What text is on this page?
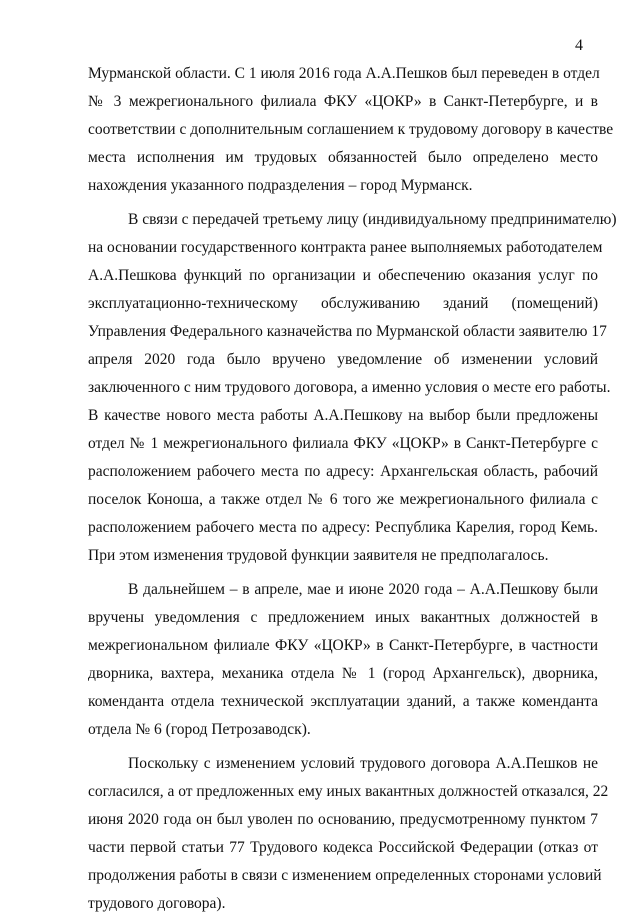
4
Мурманской области. С 1 июля 2016 года А.А.Пешков был переведен в отдел
№ 3 межрегионального филиала ФКУ «ЦОКР» в Санкт-Петербурге, и в
соответствии с дополнительным соглашением к трудовому договору в качестве
места исполнения им трудовых обязанностей было определено место
нахождения указанного подразделения – город Мурманск.
В связи с передачей третьему лицу (индивидуальному предпринимателю)
на основании государственного контракта ранее выполняемых работодателем
А.А.Пешкова функций по организации и обеспечению оказания услуг по
эксплуатационно-техническому обслуживанию зданий (помещений)
Управления Федерального казначейства по Мурманской области заявителю 17
апреля 2020 года было вручено уведомление об изменении условий
заключенного с ним трудового договора, а именно условия о месте его работы.
В качестве нового места работы А.А.Пешкову на выбор были предложены
отдел № 1 межрегионального филиала ФКУ «ЦОКР» в Санкт-Петербурге с
расположением рабочего места по адресу: Архангельская область, рабочий
поселок Коноша, а также отдел № 6 того же межрегионального филиала с
расположением рабочего места по адресу: Республика Карелия, город Кемь.
При этом изменения трудовой функции заявителя не предполагалось.
В дальнейшем – в апреле, мае и июне 2020 года – А.А.Пешкову были
вручены уведомления с предложением иных вакантных должностей в
межрегиональном филиале ФКУ «ЦОКР» в Санкт-Петербурге, в частности
дворника, вахтера, механика отдела № 1 (город Архангельск), дворника,
коменданта отдела технической эксплуатации зданий, а также коменданта
отдела № 6 (город Петрозаводск).
Поскольку с изменением условий трудового договора А.А.Пешков не
согласился, а от предложенных ему иных вакантных должностей отказался, 22
июня 2020 года он был уволен по основанию, предусмотренному пунктом 7
части первой статьи 77 Трудового кодекса Российской Федерации (отказ от
продолжения работы в связи с изменением определенных сторонами условий
трудового договора).
